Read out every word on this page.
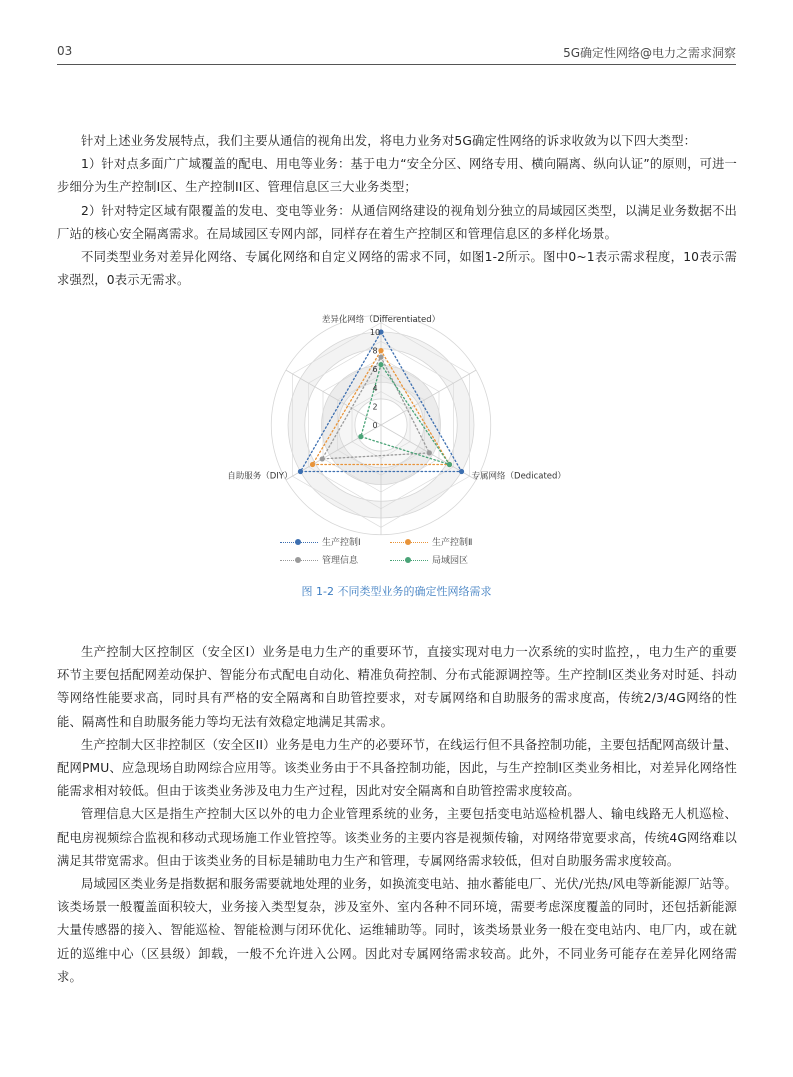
03	5G确定性网络@电力之需求洞察

针对上述业务发展特点，我们主要从通信的视角出发，将电力业务对5G确定性网络的诉求收敛为以下四大类型：

1）针对点多面广广域覆盖的配电、用电等业务：基于电力“安全分区、网络专用、横向隔离、纵向认证”的原则，可进一步细分为生产控制I区、生产控制II区、管理信息区三大业务类型；

2）针对特定区域有限覆盖的发电、变电等业务：从通信网络建设的视角划分独立的局域园区类型，以满足业务数据不出厂站的核心安全隔离需求。在局域园区专网内部，同样存在着生产控制区和管理信息区的多样化场景。

不同类型业务对差异化网络、专属化网络和自定义网络的需求不同，如图1-2所示。图中0~1表示需求程度，10表示需求强烈，0表示无需求。

0
2
4
6
8
10
差异化网络（Differentiated）
专属网络（Dedicated）
自助服务（DIY）
生产控制Ⅰ	生产控制Ⅱ
管理信息	局域园区
图 1-2 不同类型业务的确定性网络需求

生产控制大区控制区（安全区I）业务是电力生产的重要环节，直接实现对电力一次系统的实时监控，，电力生产的重要环节主要包括配网差动保护、智能分布式配电自动化、精准负荷控制、分布式能源调控等。生产控制I区类业务对时延、抖动等网络性能要求高，同时具有严格的安全隔离和自助管控要求，对专属网络和自助服务的需求度高，传统2/3/4G网络的性能、隔离性和自助服务能力等均无法有效稳定地满足其需求。

生产控制大区非控制区（安全区II）业务是电力生产的必要环节，在线运行但不具备控制功能，主要包括配网高级计量、配网PMU、应急现场自助网综合应用等。该类业务由于不具备控制功能，因此，与生产控制I区类业务相比，对差异化网络性能需求相对较低。但由于该类业务涉及电力生产过程，因此对安全隔离和自助管控需求度较高。

管理信息大区是指生产控制大区以外的电力企业管理系统的业务，主要包括变电站巡检机器人、输电线路无人机巡检、配电房视频综合监视和移动式现场施工作业管控等。该类业务的主要内容是视频传输，对网络带宽要求高，传统4G网络难以满足其带宽需求。但由于该类业务的目标是辅助电力生产和管理，专属网络需求较低，但对自助服务需求度较高。

局域园区类业务是指数据和服务需要就地处理的业务，如换流变电站、抽水蓄能电厂、光伏/光热/风电等新能源厂站等。该类场景一般覆盖面积较大，业务接入类型复杂，涉及室外、室内各种不同环境，需要考虑深度覆盖的同时，还包括新能源大量传感器的接入、智能巡检、智能检测与闭环优化、运维辅助等。同时，该类场景业务一般在变电站内、电厂内，或在就近的巡维中心（区县级）卸载，一般不允许进入公网。因此对专属网络需求较高。此外，不同业务可能存在差异化网络需求。
